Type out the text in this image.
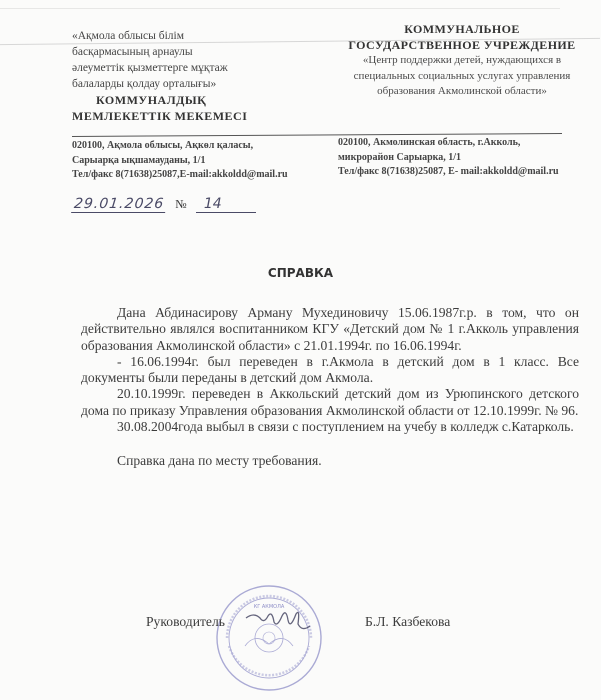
«Ақмола облысы білім
басқармасының арнаулы
әлеуметтік қызметтерге мұқтаж
балаларды қолдау орталығы»
КОММУНАЛДЫҚ
МЕМЛЕКЕТТІК МЕКЕМЕСІ
КОММУНАЛЬНОЕ
ГОСУДАРСТВЕННОЕ УЧРЕЖДЕНИЕ
«Центр поддержки детей, нуждающихся в
специальных социальных услугах управления
образования Акмолинской области»
020100, Ақмола облысы, Ақкөл қаласы,
Сарыарқа ықшамауданы, 1/1
Тел/факс 8(71638)25087,E-mail:akkoldd@mail.ru
020100, Акмолинская область, г.Акколь,
микрорайон Сарыарка, 1/1
Тел/факс 8(71638)25087, E- mail:akkoldd@mail.ru
29.01.2026 № 14
СПРАВКА

Дана Абдинасирову Арману Мухединовичу 15.06.1987г.р. в том, что он действительно являлся воспитанником КГУ «Детский дом № 1 г.Акколь управления образования Акмолинской области» с 21.01.1994г. по 16.06.1994г.

- 16.06.1994г. был переведен в г.Акмола в детский дом в 1 класс. Все документы были переданы в детский дом Акмола.

20.10.1999г. переведен в Аккольский детский дом из Урюпинского детского дома по приказу Управления образования Акмолинской области от 12.10.1999г. № 96.

30.08.2004года выбыл в связи с поступлением на учебу в колледж с.Катарколь.

Справка дана по месту требования.

КГ АКМОЛА
Руководитель	Б.Л. Казбекова
